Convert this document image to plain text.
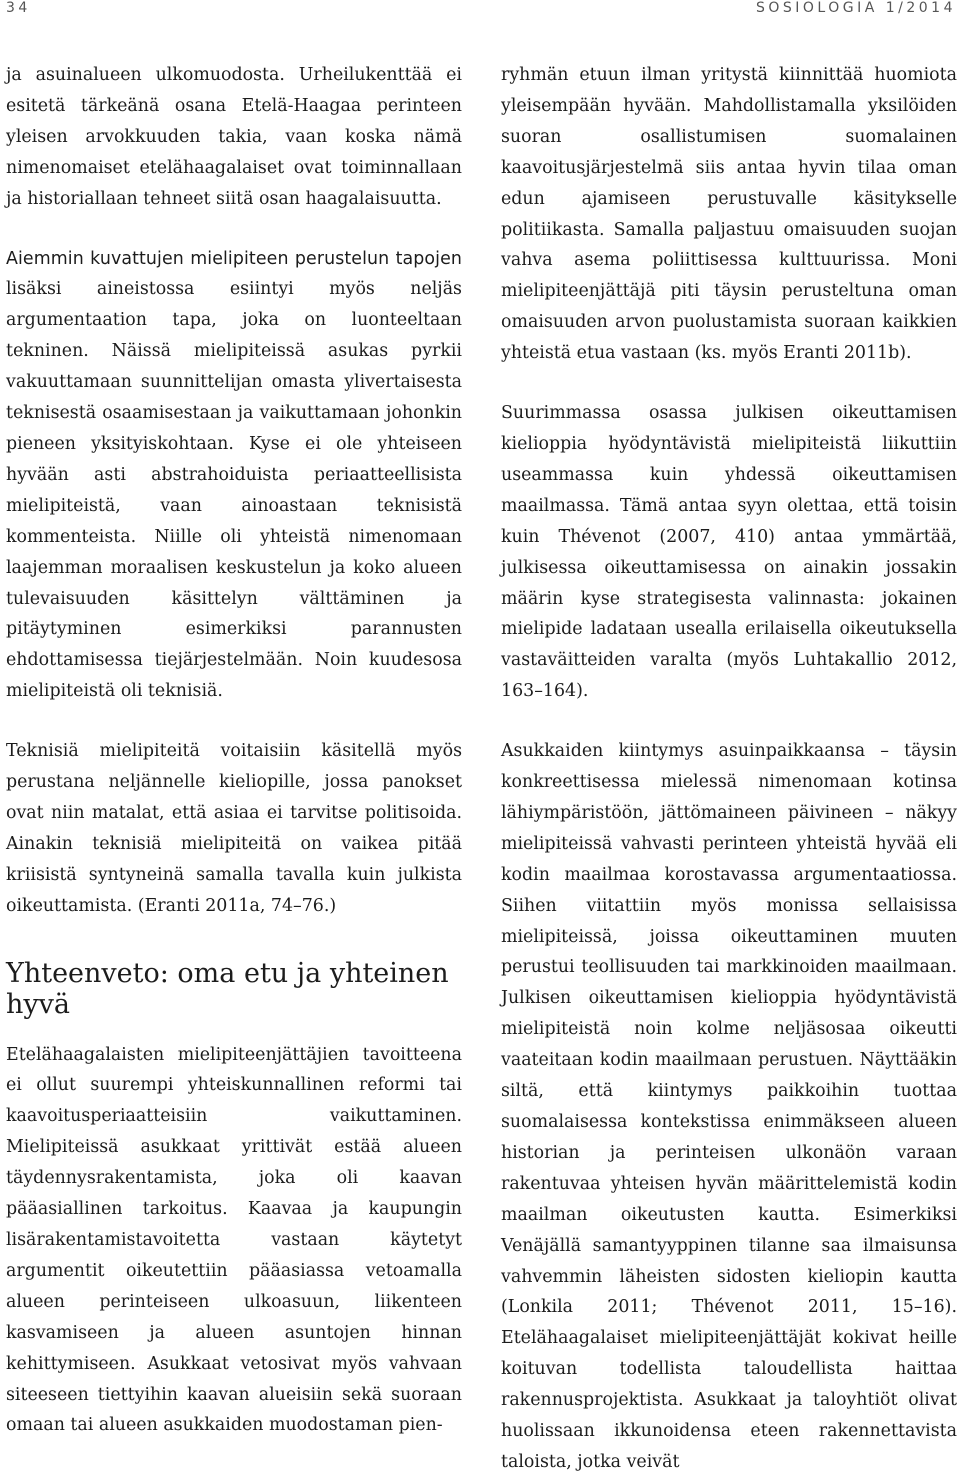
34	SOSIOLOGIA 1/2014

ja asuinalueen ulkomuodosta. Urheilukenttää ei esitetä tärkeänä osana Etelä-Haagaa perinteen yleisen arvokkuuden takia, vaan koska nämä nimenomaiset etelähaagalaiset ovat toiminnallaan ja historiallaan tehneet siitä osan haagalaisuutta.

Aiemmin kuvattujen mielipiteen perustelun tapojen lisäksi aineistossa esiintyi myös neljäs argumentaation tapa, joka on luonteeltaan tekninen. Näissä mielipiteissä asukas pyrkii vakuuttamaan suunnittelijan omasta ylivertaisesta teknisestä osaamisestaan ja vaikuttamaan johonkin pieneen yksityiskohtaan. Kyse ei ole yhteiseen hyvään asti abstrahoiduista periaatteellisista mielipiteistä, vaan ainoastaan teknisistä kommenteista. Niille oli yhteistä nimenomaan laajemman moraalisen keskustelun ja koko alueen tulevaisuuden käsittelyn välttäminen ja pitäytyminen esimerkiksi parannusten ehdottamisessa tiejärjestelmään. Noin kuudesosa mielipiteistä oli teknisiä.

Teknisiä mielipiteitä voitaisiin käsitellä myös perustana neljännelle kieliopille, jossa panokset ovat niin matalat, että asiaa ei tarvitse politisoida. Ainakin teknisiä mielipiteitä on vaikea pitää kriisistä syntyneinä samalla tavalla kuin julkista oikeuttamista. (Eranti 2011a, 74–76.)

Yhteenveto: oma etu ja yhteinen hyvä

Etelähaagalaisten mielipiteenjättäjien tavoitteena ei ollut suurempi yhteiskunnallinen reformi tai kaavoitusperiaatteisiin vaikuttaminen. Mielipiteissä asukkaat yrittivät estää alueen täydennysrakentamista, joka oli kaavan pääasiallinen tarkoitus. Kaavaa ja kaupungin lisärakentamistavoitetta vastaan käytetyt argumentit oikeutettiin pääasiassa vetoamalla alueen perinteiseen ulkoasuun, liikenteen kasvamiseen ja alueen asuntojen hinnan kehittymiseen. Asukkaat vetosivat myös vahvaan siteeseen tiettyihin kaavan alueisiin sekä suoraan omaan tai alueen asukkaiden muodostaman pien-

ryhmän etuun ilman yritystä kiinnittää huomiota yleisempään hyvään. Mahdollistamalla yksilöiden suoran osallistumisen suomalainen kaavoitusjärjestelmä siis antaa hyvin tilaa oman edun ajamiseen perustuvalle käsitykselle politiikasta. Samalla paljastuu omaisuuden suojan vahva asema poliittisessa kulttuurissa. Moni mielipiteenjättäjä piti täysin perusteltuna oman omaisuuden arvon puolustamista suoraan kaikkien yhteistä etua vastaan (ks. myös Eranti 2011b).

Suurimmassa osassa julkisen oikeuttamisen kielioppia hyödyntävistä mielipiteistä liikuttiin useammassa kuin yhdessä oikeuttamisen maailmassa. Tämä antaa syyn olettaa, että toisin kuin Thévenot (2007, 410) antaa ymmärtää, julkisessa oikeuttamisessa on ainakin jossakin määrin kyse strategisesta valinnasta: jokainen mielipide ladataan usealla erilaisella oikeutuksella vastaväitteiden varalta (myös Luhtakallio 2012, 163–164).

Asukkaiden kiintymys asuinpaikkaansa – täysin konkreettisessa mielessä nimenomaan kotinsa lähiympäristöön, jättömaineen päivineen – näkyy mielipiteissä vahvasti perinteen yhteistä hyvää eli kodin maailmaa korostavassa argumentaatiossa. Siihen viitattiin myös monissa sellaisissa mielipiteissä, joissa oikeuttaminen muuten perustui teollisuuden tai markkinoiden maailmaan. Julkisen oikeuttamisen kielioppia hyödyntävistä mielipiteistä noin kolme neljäsosaa oikeutti vaateitaan kodin maailmaan perustuen. Näyttääkin siltä, että kiintymys paikkoihin tuottaa suomalaisessa kontekstissa enimmäkseen alueen historian ja perinteisen ulkonäön varaan rakentuvaa yhteisen hyvän määrittelemistä kodin maailman oikeutusten kautta. Esimerkiksi Venäjällä samantyyppinen tilanne saa ilmaisunsa vahvemmin läheisten sidosten kieliopin kautta (Lonkila 2011; Thévenot 2011, 15–16). Etelähaagalaiset mielipiteenjättäjät kokivat heille koituvan todellista taloudellista haittaa rakennusprojektista. Asukkaat ja taloyhtiöt olivat huolissaan ikkunoidensa eteen rakennettavista taloista, jotka veivät
